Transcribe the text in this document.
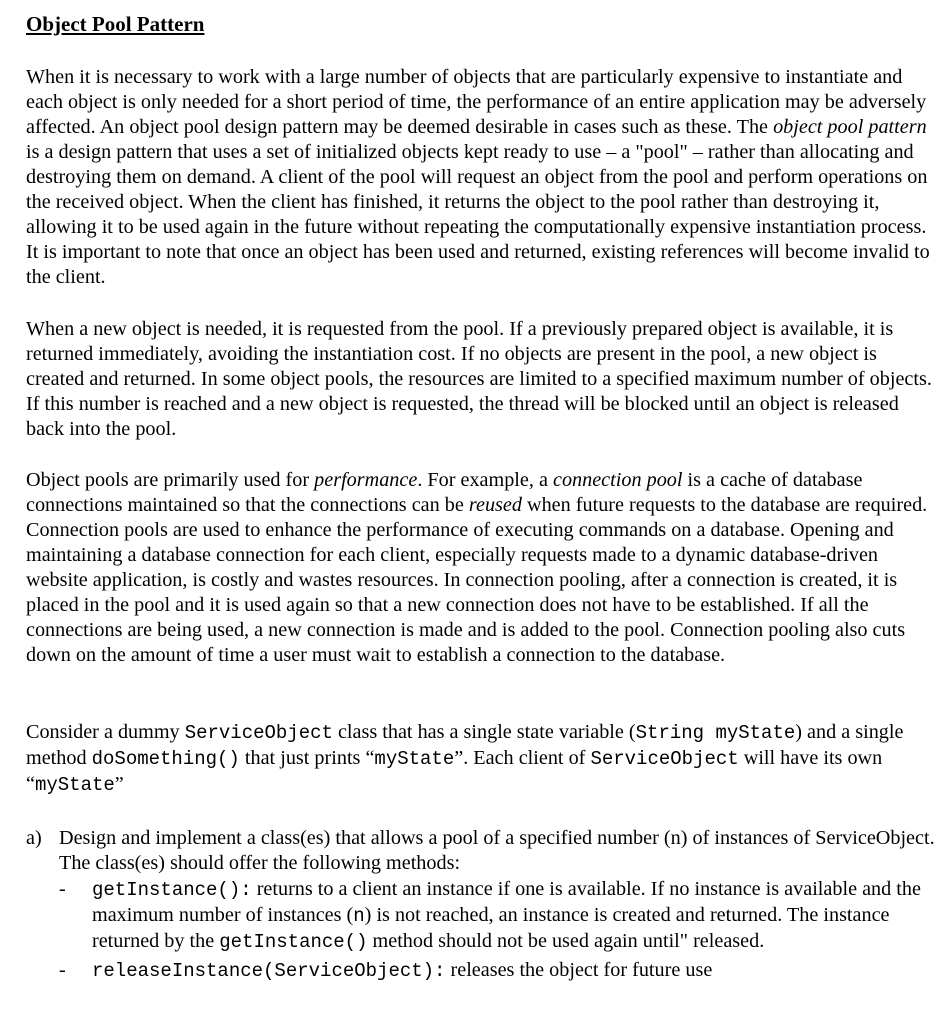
Object Pool Pattern

When it is necessary to work with a large number of objects that are particularly expensive to instantiate and each object is only needed for a short period of time, the performance of an entire application may be adversely affected. An object pool design pattern may be deemed desirable in cases such as these. The object pool pattern is a design pattern that uses a set of initialized objects kept ready to use – a "pool" – rather than allocating and destroying them on demand. A client of the pool will request an object from the pool and perform operations on the received object. When the client has finished, it returns the object to the pool rather than destroying it, allowing it to be used again in the future without repeating the computationally expensive instantiation process. It is important to note that once an object has been used and returned, existing references will become invalid to the client.

When a new object is needed, it is requested from the pool. If a previously prepared object is available, it is returned immediately, avoiding the instantiation cost. If no objects are present in the pool, a new object is created and returned. In some object pools, the resources are limited to a specified maximum number of objects. If this number is reached and a new object is requested, the thread will be blocked until an object is released back into the pool.

Object pools are primarily used for performance. For example, a connection pool is a cache of database connections maintained so that the connections can be reused when future requests to the database are required. Connection pools are used to enhance the performance of executing commands on a database. Opening and maintaining a database connection for each client, especially requests made to a dynamic database-driven website application, is costly and wastes resources. In connection pooling, after a connection is created, it is placed in the pool and it is used again so that a new connection does not have to be established. If all the connections are being used, a new connection is made and is added to the pool. Connection pooling also cuts down on the amount of time a user must wait to establish a connection to the database.

Consider a dummy ServiceObject class that has a single state variable (String myState) and a single method doSomething() that just prints “myState”. Each client of ServiceObject will have its own “myState”

a) Design and implement a class(es) that allows a pool of a specified number (n) of instances of ServiceObject. The class(es) should offer the following methods:
-	getInstance(): returns to a client an instance if one is available. If no instance is available and the maximum number of instances (n) is not reached, an instance is created and returned. The instance returned by the getInstance() method should not be used again until" released.
-	releaseInstance(ServiceObject): releases the object for future use
